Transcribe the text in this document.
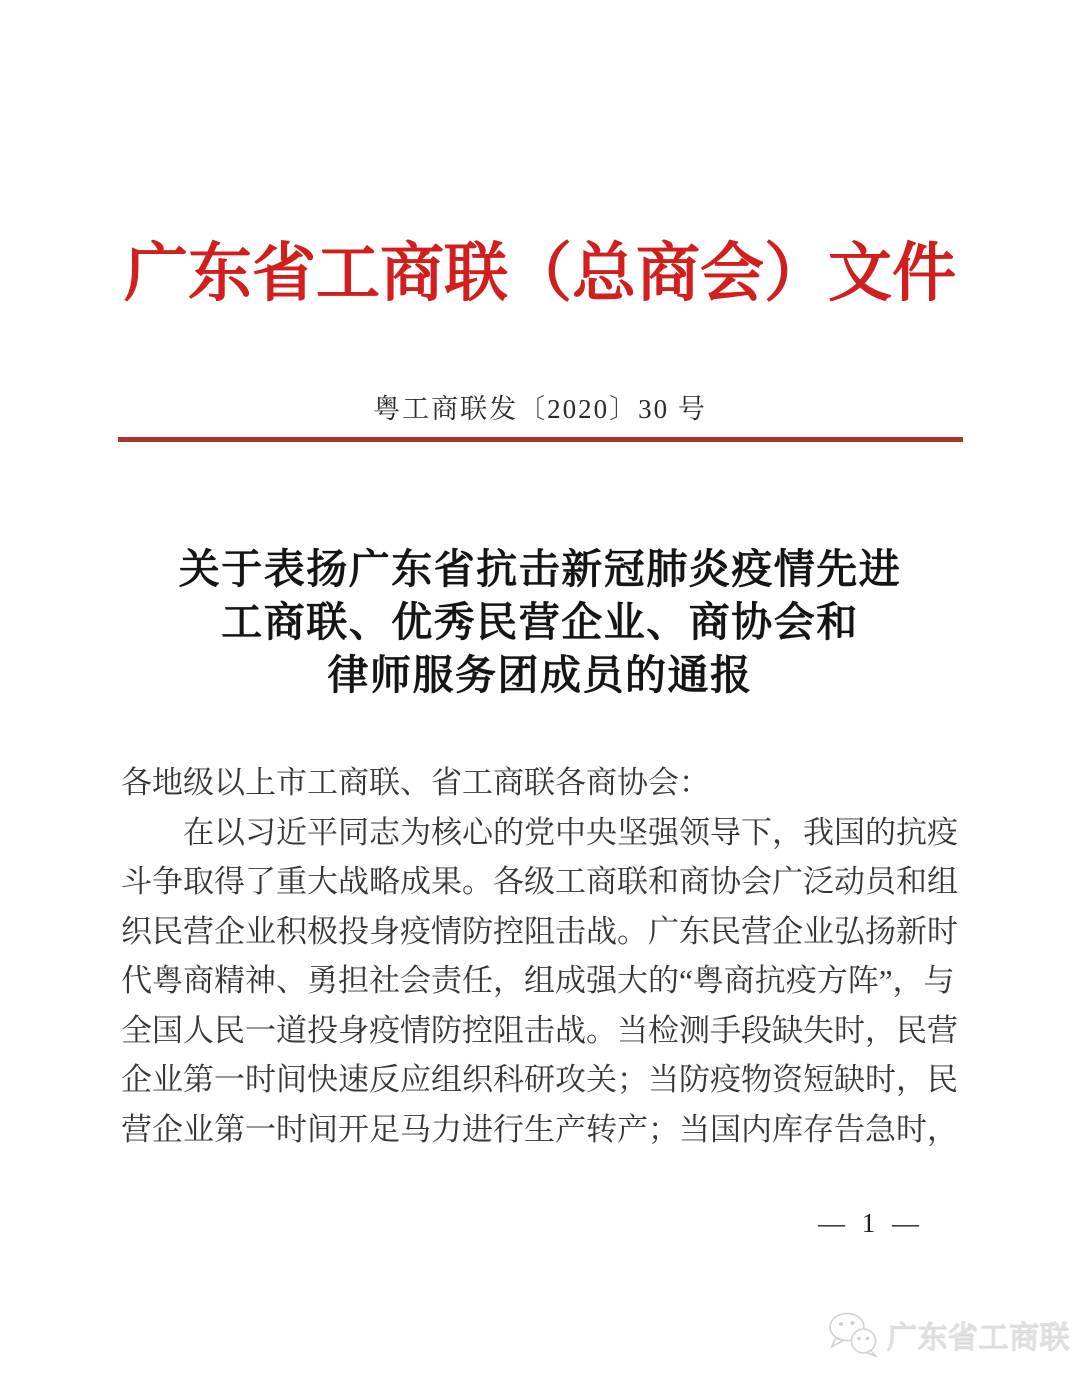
广东省工商联（总商会）文件
粤工商联发〔2020〕30 号
关于表扬广东省抗击新冠肺炎疫情先进
工商联、优秀民营企业、商协会和
律师服务团成员的通报
各地级以上市工商联、省工商联各商协会：
在以习近平同志为核心的党中央坚强领导下，我国的抗疫
斗争取得了重大战略成果。各级工商联和商协会广泛动员和组
织民营企业积极投身疫情防控阻击战。广东民营企业弘扬新时
代粤商精神、勇担社会责任，组成强大的“粤商抗疫方阵”，与
全国人民一道投身疫情防控阻击战。当检测手段缺失时，民营
企业第一时间快速反应组织科研攻关；当防疫物资短缺时，民
营企业第一时间开足马力进行生产转产；当国内库存告急时，
— 1 —
广东省工商联
